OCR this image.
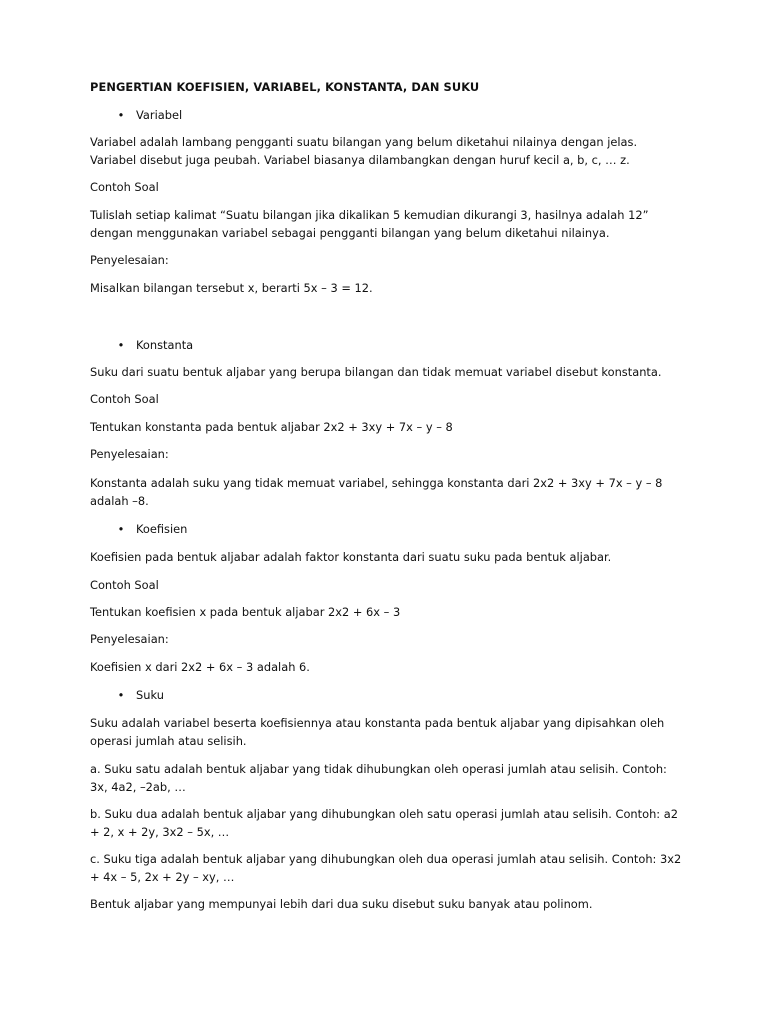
PENGERTIAN KOEFISIEN, VARIABEL, KONSTANTA, DAN SUKU

• Variabel

Variabel adalah lambang pengganti suatu bilangan yang belum diketahui nilainya dengan jelas. Variabel disebut juga peubah. Variabel biasanya dilambangkan dengan huruf kecil a, b, c, … z.

Contoh Soal

Tulislah setiap kalimat “Suatu bilangan jika dikalikan 5 kemudian dikurangi 3, hasilnya adalah 12” dengan menggunakan variabel sebagai pengganti bilangan yang belum diketahui nilainya.

Penyelesaian:

Misalkan bilangan tersebut x, berarti 5x – 3 = 12.

• Konstanta

Suku dari suatu bentuk aljabar yang berupa bilangan dan tidak memuat variabel disebut konstanta.

Contoh Soal

Tentukan konstanta pada bentuk aljabar 2x2 + 3xy + 7x – y – 8

Penyelesaian:

Konstanta adalah suku yang tidak memuat variabel, sehingga konstanta dari 2x2 + 3xy + 7x – y – 8 adalah –8.

• Koefisien

Koefisien pada bentuk aljabar adalah faktor konstanta dari suatu suku pada bentuk aljabar.

Contoh Soal

Tentukan koefisien x pada bentuk aljabar 2x2 + 6x – 3

Penyelesaian:

Koefisien x dari 2x2 + 6x – 3 adalah 6.

• Suku

Suku adalah variabel beserta koefisiennya atau konstanta pada bentuk aljabar yang dipisahkan oleh operasi jumlah atau selisih.

a. Suku satu adalah bentuk aljabar yang tidak dihubungkan oleh operasi jumlah atau selisih. Contoh: 3x, 4a2, –2ab, …

b. Suku dua adalah bentuk aljabar yang dihubungkan oleh satu operasi jumlah atau selisih. Contoh: a2 + 2, x + 2y, 3x2 – 5x, …

c. Suku tiga adalah bentuk aljabar yang dihubungkan oleh dua operasi jumlah atau selisih. Contoh: 3x2 + 4x – 5, 2x + 2y – xy, …

Bentuk aljabar yang mempunyai lebih dari dua suku disebut suku banyak atau polinom.
